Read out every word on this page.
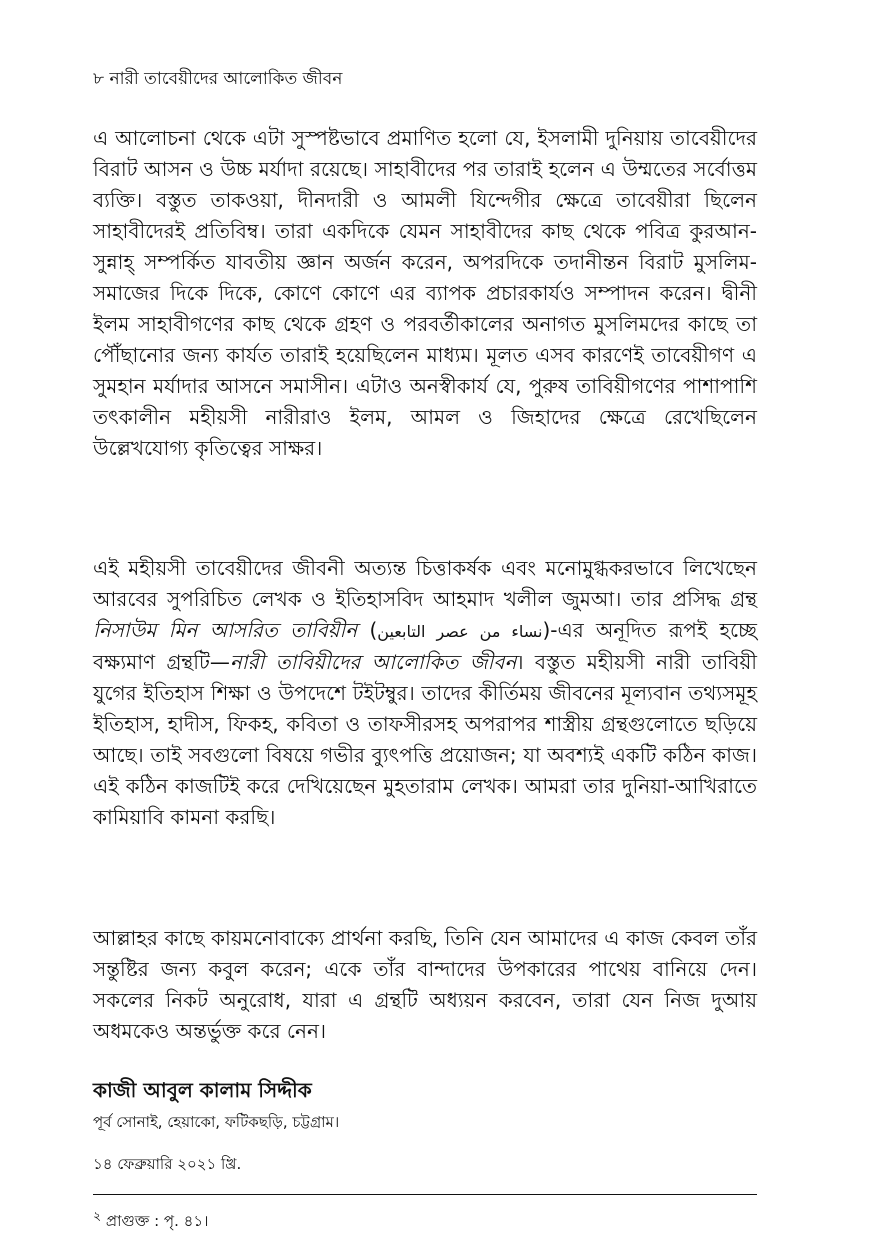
৮ নারী তাবেয়ীদের আলোকিত জীবন

এ আলোচনা থেকে এটা সুস্পষ্টভাবে প্রমাণিত হলো যে, ইসলামী দুনিয়ায় তাবেয়ীদের বিরাট আসন ও উচ্চ মর্যাদা রয়েছে। সাহাবীদের পর তারাই হলেন এ উম্মতের সর্বোত্তম ব্যক্তি। বস্তুত তাকওয়া, দীনদারী ও আমলী যিন্দেগীর ক্ষেত্রে তাবেয়ীরা ছিলেন সাহাবীদেরই প্রতিবিম্ব। তারা একদিকে যেমন সাহাবীদের কাছ থেকে পবিত্র কুরআন-সুন্নাহ্ সম্পর্কিত যাবতীয় জ্ঞান অর্জন করেন, অপরদিকে তদানীন্তন বিরাট মুসলিম-সমাজের দিকে দিকে, কোণে কোণে এর ব্যাপক প্রচারকার্যও সম্পাদন করেন। দ্বীনী ইলম সাহাবীগণের কাছ থেকে গ্রহণ ও পরবর্তীকালের অনাগত মুসলিমদের কাছে তা পৌঁছানোর জন্য কার্যত তারাই হয়েছিলেন মাধ্যম। মূলত এসব কারণেই তাবেয়ীগণ এ সুমহান মর্যাদার আসনে সমাসীন। এটাও অনস্বীকার্য যে, পুরুষ তাবিয়ীগণের পাশাপাশি তৎকালীন মহীয়সী নারীরাও ইলম, আমল ও জিহাদের ক্ষেত্রে রেখেছিলেন উল্লেখযোগ্য কৃতিত্বের সাক্ষর।

এই মহীয়সী তাবেয়ীদের জীবনী অত্যন্ত চিত্তাকর্ষক এবং মনোমুগ্ধকরভাবে লিখেছেন আরবের সুপরিচিত লেখক ও ইতিহাসবিদ আহমাদ খলীল জুমআ। তার প্রসিদ্ধ গ্রন্থ নিসাউম মিন আসরিত তাবিয়ীন (نساء من عصر التابعين)-এর অনূদিত রূপই হচ্ছে বক্ষ্যমাণ গ্রন্থটি—নারী তাবিয়ীদের আলোকিত জীবন। বস্তুত মহীয়সী নারী তাবিয়ী যুগের ইতিহাস শিক্ষা ও উপদেশে টইটম্বুর। তাদের কীর্তিময় জীবনের মূল্যবান তথ্যসমূহ ইতিহাস, হাদীস, ফিকহ, কবিতা ও তাফসীরসহ অপরাপর শাস্ত্রীয় গ্রন্থগুলোতে ছড়িয়ে আছে। তাই সবগুলো বিষয়ে গভীর ব্যুৎপত্তি প্রয়োজন; যা অবশ্যই একটি কঠিন কাজ। এই কঠিন কাজটিই করে দেখিয়েছেন মুহতারাম লেখক। আমরা তার দুনিয়া-আখিরাতে কামিয়াবি কামনা করছি।

আল্লাহর কাছে কায়মনোবাক্যে প্রার্থনা করছি, তিনি যেন আমাদের এ কাজ কেবল তাঁর সন্তুষ্টির জন্য কবুল করেন; একে তাঁর বান্দাদের উপকারের পাথেয় বানিয়ে দেন। সকলের নিকট অনুরোধ, যারা এ গ্রন্থটি অধ্যয়ন করবেন, তারা যেন নিজ দুআয় অধমকেও অন্তর্ভুক্ত করে নেন।

কাজী আবুল কালাম সিদ্দীক
পূর্ব সোনাই, হেয়াকো, ফটিকছড়ি, চট্টগ্রাম।
১৪ ফেব্রুয়ারি ২০২১ খ্রি.
$^২$ প্রাগুক্ত : পৃ. ৪১।
